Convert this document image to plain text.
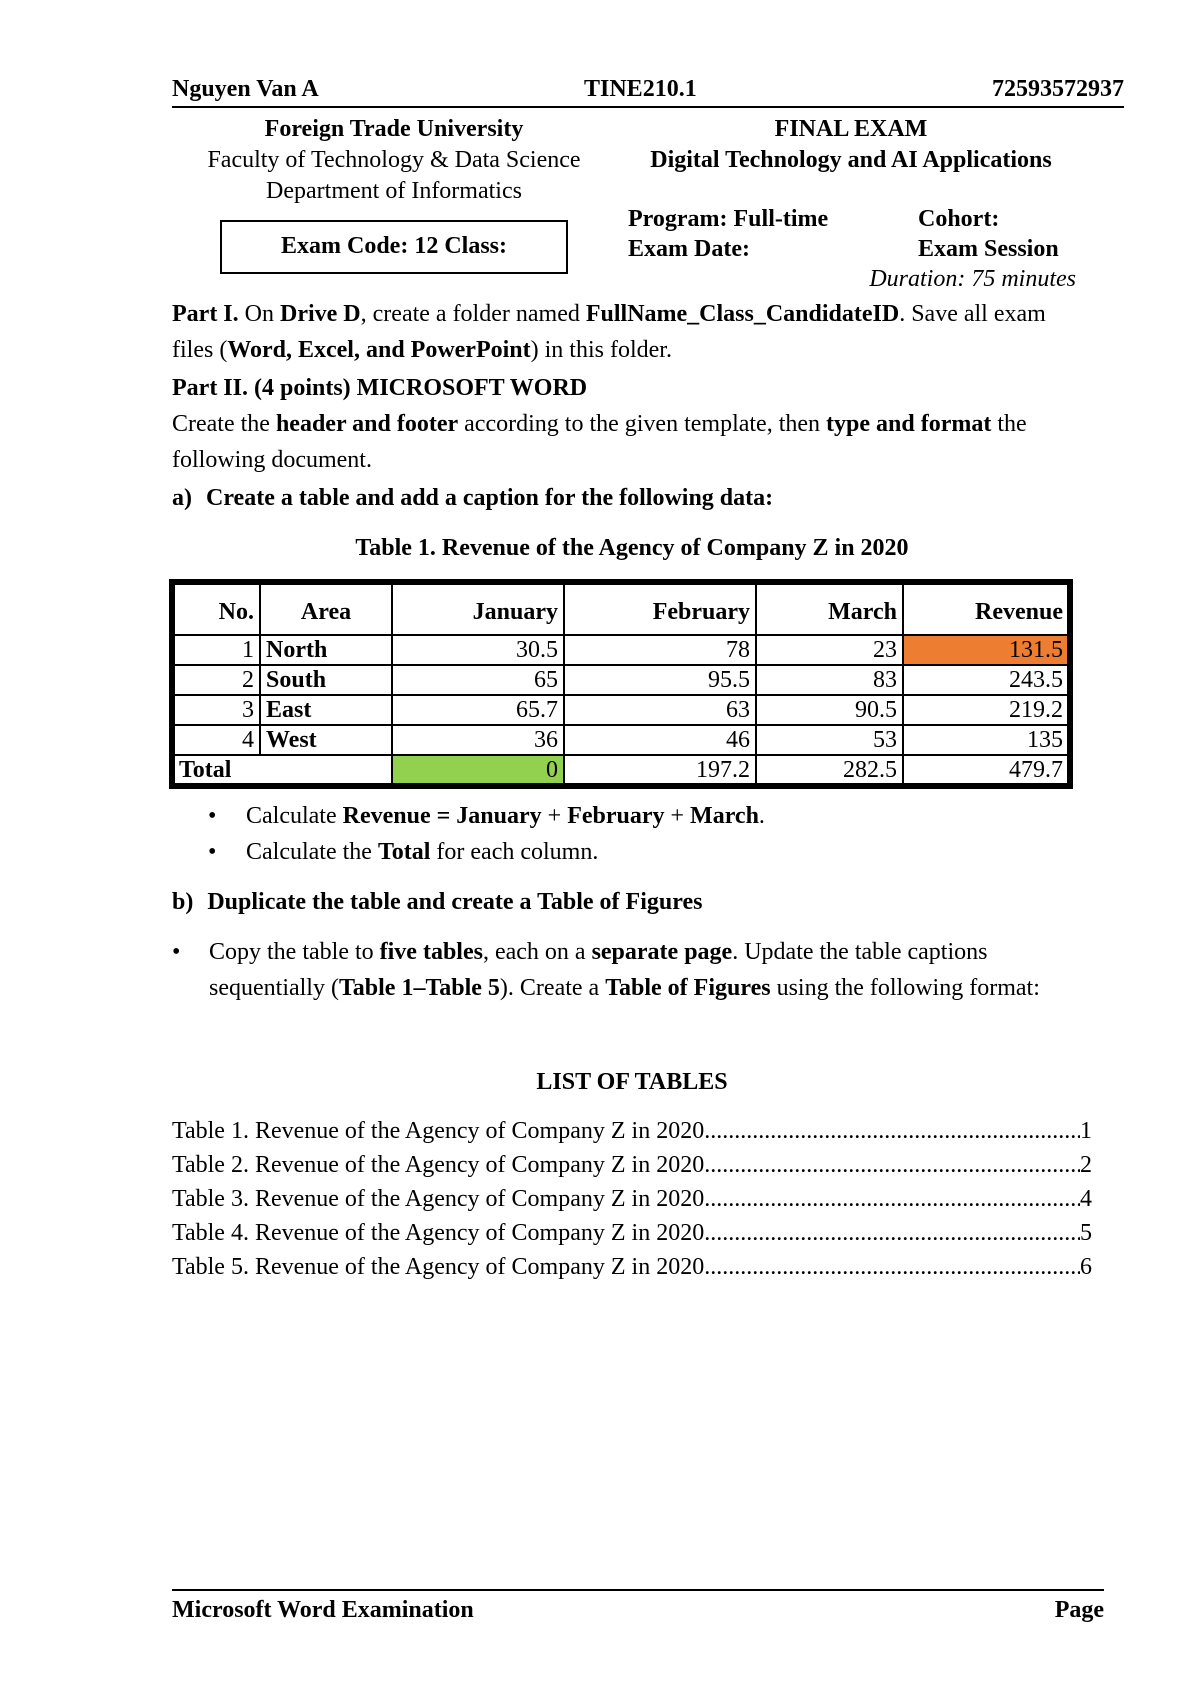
Nguyen Van A	TINE210.1	72593572937
Foreign Trade University
Faculty of Technology & Data Science
Department of Informatics
Exam Code: 12 Class:
FINAL EXAM
Digital Technology and AI Applications
Program: Full-time	Cohort:
Exam Date:	Exam Session
Duration: 75 minutes
Part I. On Drive D, create a folder named FullName_Class_CandidateID. Save all exam files (Word, Excel, and PowerPoint) in this folder.
Part II. (4 points) MICROSOFT WORD
Create the header and footer according to the given template, then type and format the following document.
a) Create a table and add a caption for the following data:
Table 1. Revenue of the Agency of Company Z in 2020
No.	Area	January	February	March	Revenue
1	North	30.5	78	23	131.5
2	South	65	95.5	83	243.5
3	East	65.7	63	90.5	219.2
4	West	36	46	53	135
Total		0	197.2	282.5	479.7
• Calculate Revenue = January + February + March.
• Calculate the Total for each column.
b) Duplicate the table and create a Table of Figures
• Copy the table to five tables, each on a separate page. Update the table captions sequentially (Table 1–Table 5). Create a Table of Figures using the following format:
LIST OF TABLES
Table 1. Revenue of the Agency of Company Z in 2020 .....	1
Table 2. Revenue of the Agency of Company Z in 2020 .....	2
Table 3. Revenue of the Agency of Company Z in 2020 .....	4
Table 4. Revenue of the Agency of Company Z in 2020 .....	5
Table 5. Revenue of the Agency of Company Z in 2020 .....	6
Microsoft Word Examination	Page
